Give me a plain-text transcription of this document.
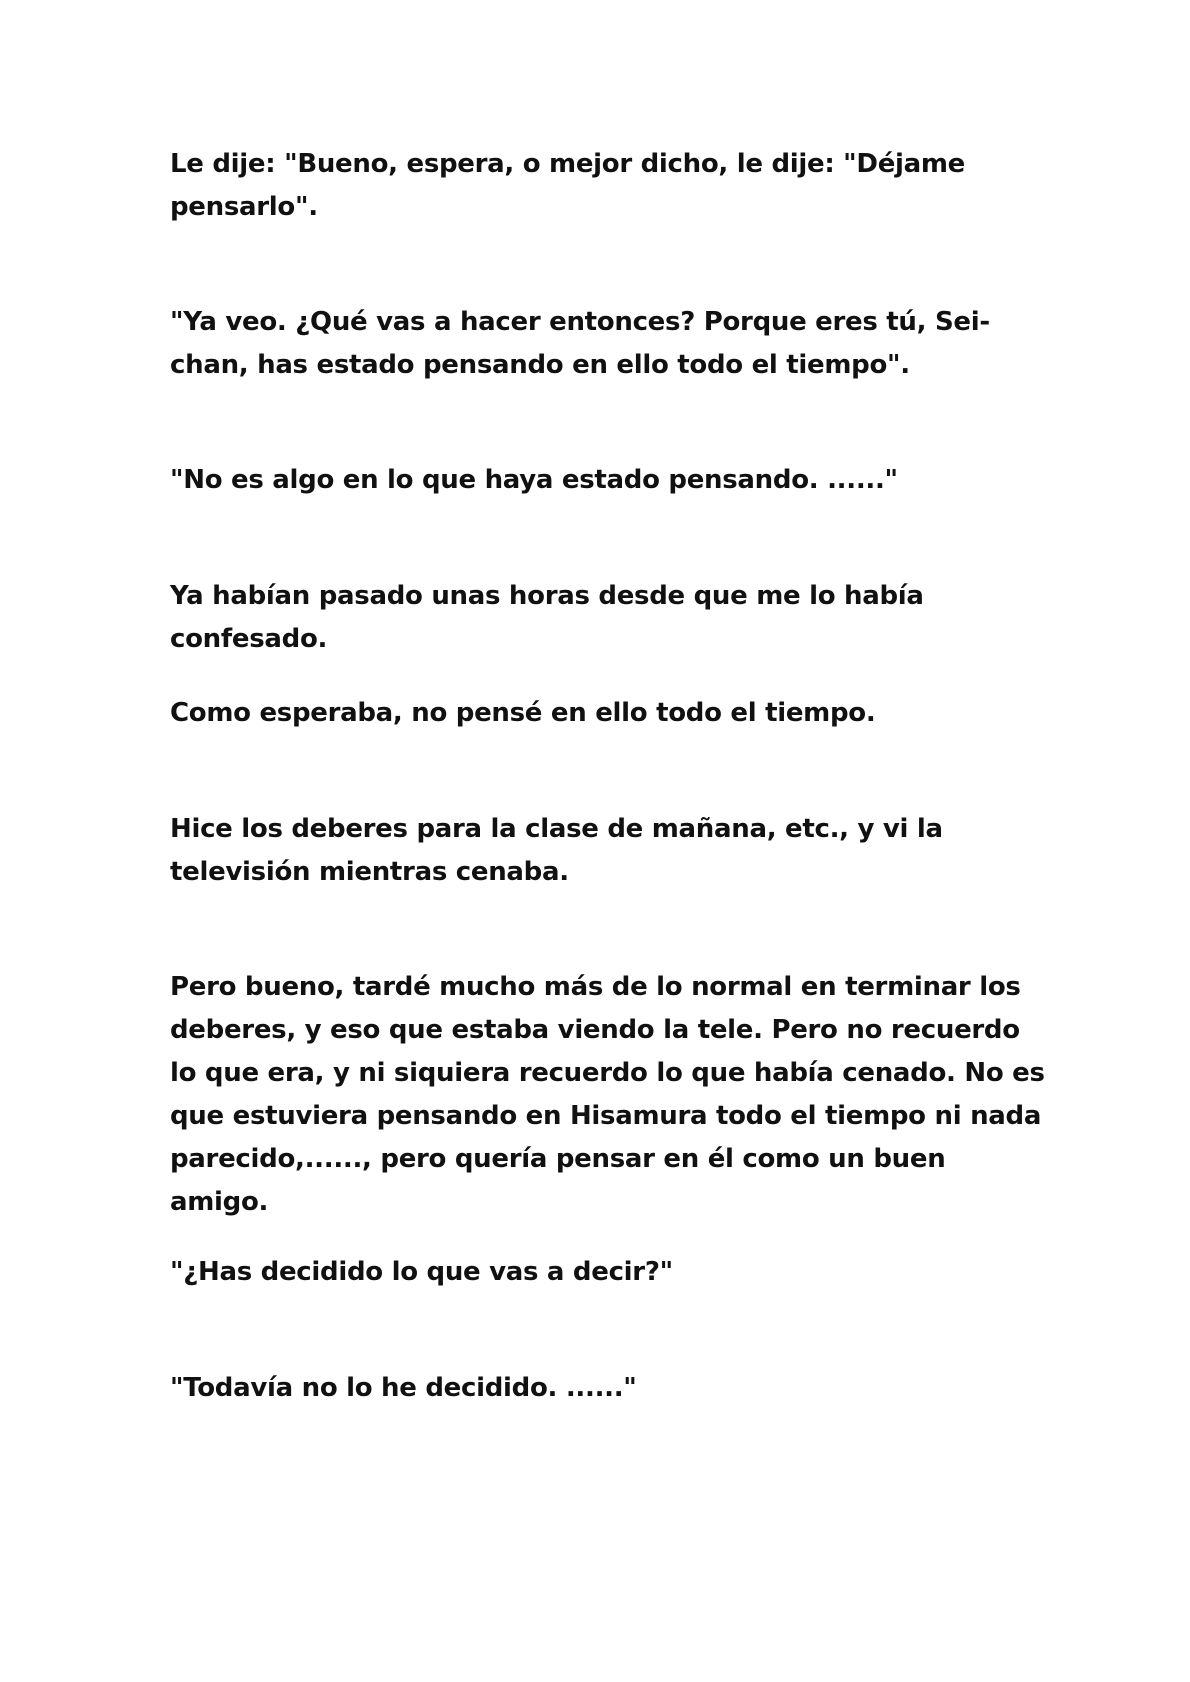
Le dije: "Bueno, espera, o mejor dicho, le dije: "Déjame pensarlo".

"Ya veo. ¿Qué vas a hacer entonces? Porque eres tú, Sei-chan, has estado pensando en ello todo el tiempo".

"No es algo en lo que haya estado pensando. ......"

Ya habían pasado unas horas desde que me lo había confesado.

Como esperaba, no pensé en ello todo el tiempo.

Hice los deberes para la clase de mañana, etc., y vi la televisión mientras cenaba.

Pero bueno, tardé mucho más de lo normal en terminar los deberes, y eso que estaba viendo la tele. Pero no recuerdo lo que era, y ni siquiera recuerdo lo que había cenado. No es que estuviera pensando en Hisamura todo el tiempo ni nada parecido,......, pero quería pensar en él como un buen amigo.

"¿Has decidido lo que vas a decir?"

"Todavía no lo he decidido. ......"
